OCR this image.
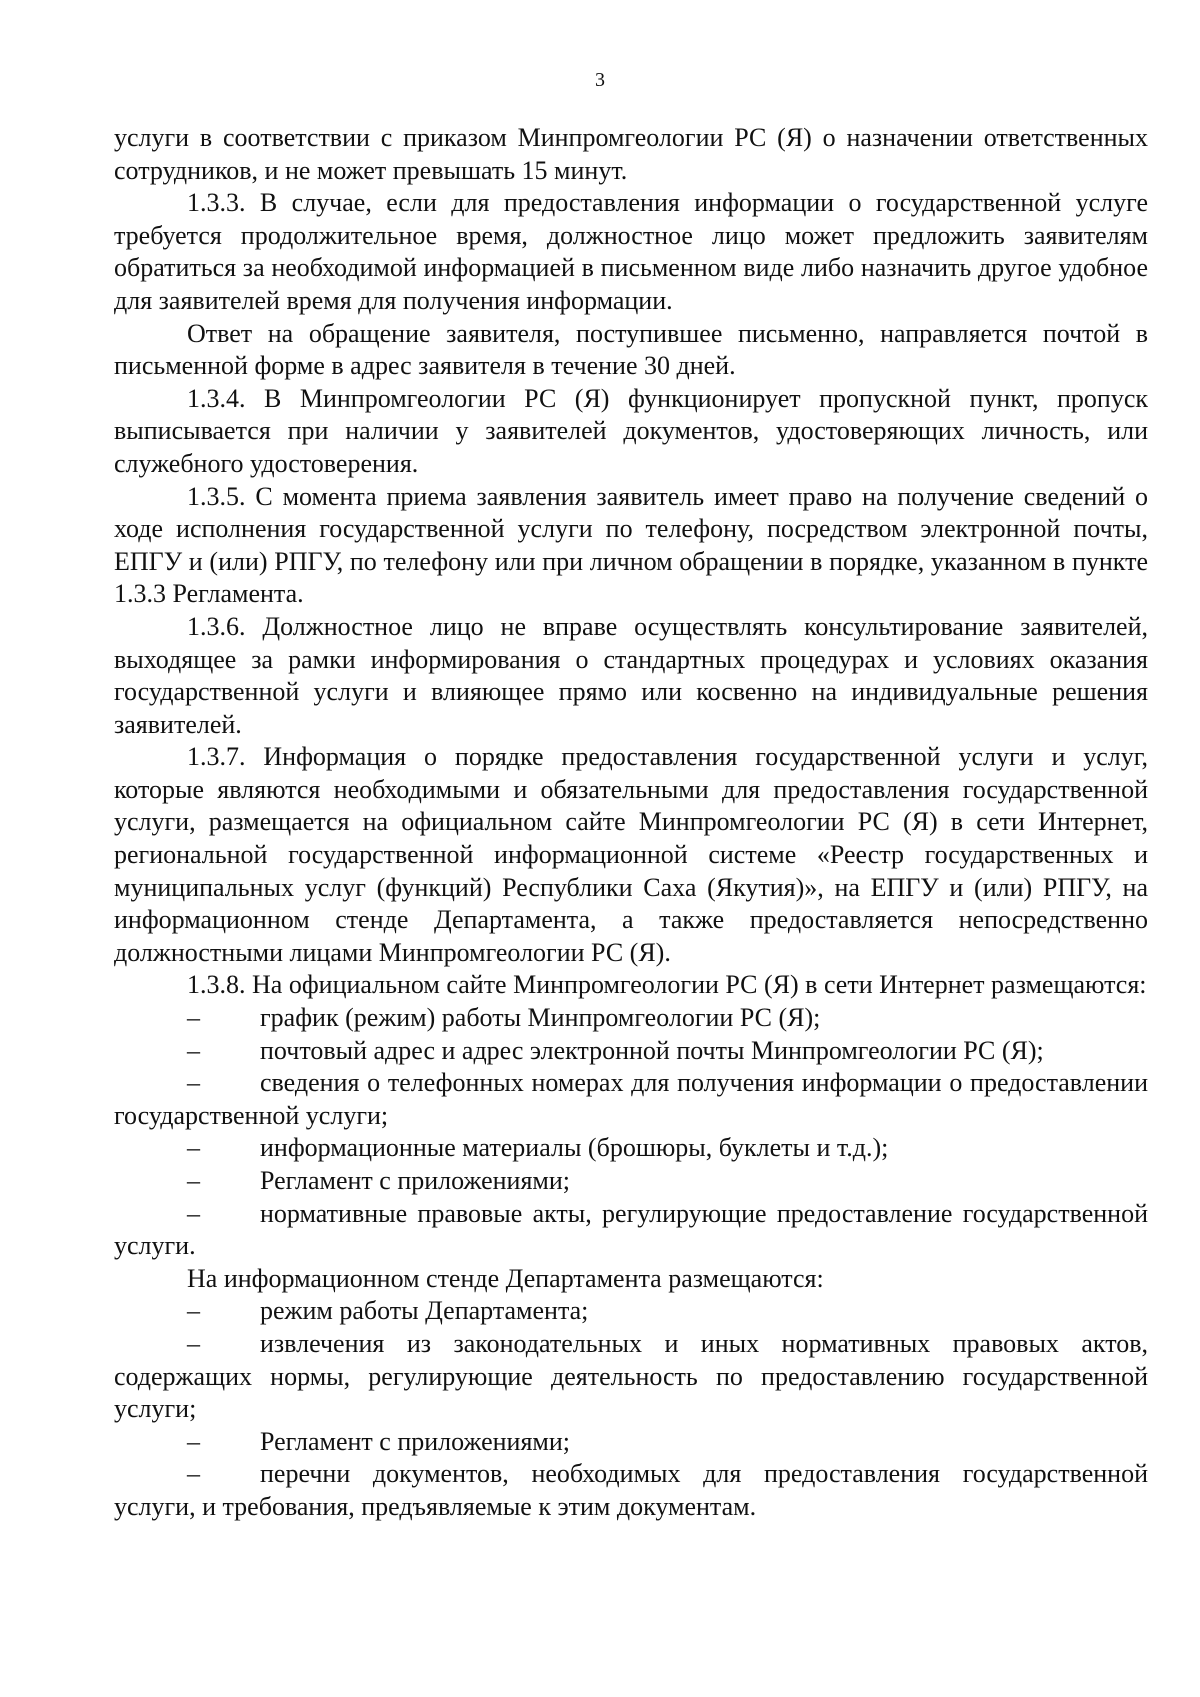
3

услуги в соответствии с приказом Минпромгеологии РС (Я) о назначении ответственных сотрудников, и не может превышать 15 минут.

1.3.3. В случае, если для предоставления информации о государственной услуге требуется продолжительное время, должностное лицо может предложить заявителям обратиться за необходимой информацией в письменном виде либо назначить другое удобное для заявителей время для получения информации.

Ответ на обращение заявителя, поступившее письменно, направляется почтой в письменной форме в адрес заявителя в течение 30 дней.

1.3.4. В Минпромгеологии РС (Я) функционирует пропускной пункт, пропуск выписывается при наличии у заявителей документов, удостоверяющих личность, или служебного удостоверения.

1.3.5. С момента приема заявления заявитель имеет право на получение сведений о ходе исполнения государственной услуги по телефону, посредством электронной почты, ЕПГУ и (или) РПГУ, по телефону или при личном обращении в порядке, указанном в пункте 1.3.3 Регламента.

1.3.6. Должностное лицо не вправе осуществлять консультирование заявителей, выходящее за рамки информирования о стандартных процедурах и условиях оказания государственной услуги и влияющее прямо или косвенно на индивидуальные решения заявителей.

1.3.7. Информация о порядке предоставления государственной услуги и услуг, которые являются необходимыми и обязательными для предоставления государственной услуги, размещается на официальном сайте Минпромгеологии РС (Я) в сети Интернет, региональной государственной информационной системе «Реестр государственных и муниципальных услуг (функций) Республики Саха (Якутия)», на ЕПГУ и (или) РПГУ, на информационном стенде Департамента, а также предоставляется непосредственно должностными лицами Минпромгеологии РС (Я).

1.3.8. На официальном сайте Минпромгеологии РС (Я) в сети Интернет размещаются:

–	график (режим) работы Минпромгеологии РС (Я);

–	почтовый адрес и адрес электронной почты Минпромгеологии РС (Я);

–	сведения о телефонных номерах для получения информации о предоставлении государственной услуги;

–	информационные материалы (брошюры, буклеты и т.д.);

–	Регламент с приложениями;

–	нормативные правовые акты, регулирующие предоставление государственной услуги.

На информационном стенде Департамента размещаются:

–	режим работы Департамента;

–	извлечения из законодательных и иных нормативных правовых актов, содержащих нормы, регулирующие деятельность по предоставлению государственной услуги;

–	Регламент с приложениями;

–	перечни документов, необходимых для предоставления государственной услуги, и требования, предъявляемые к этим документам.
